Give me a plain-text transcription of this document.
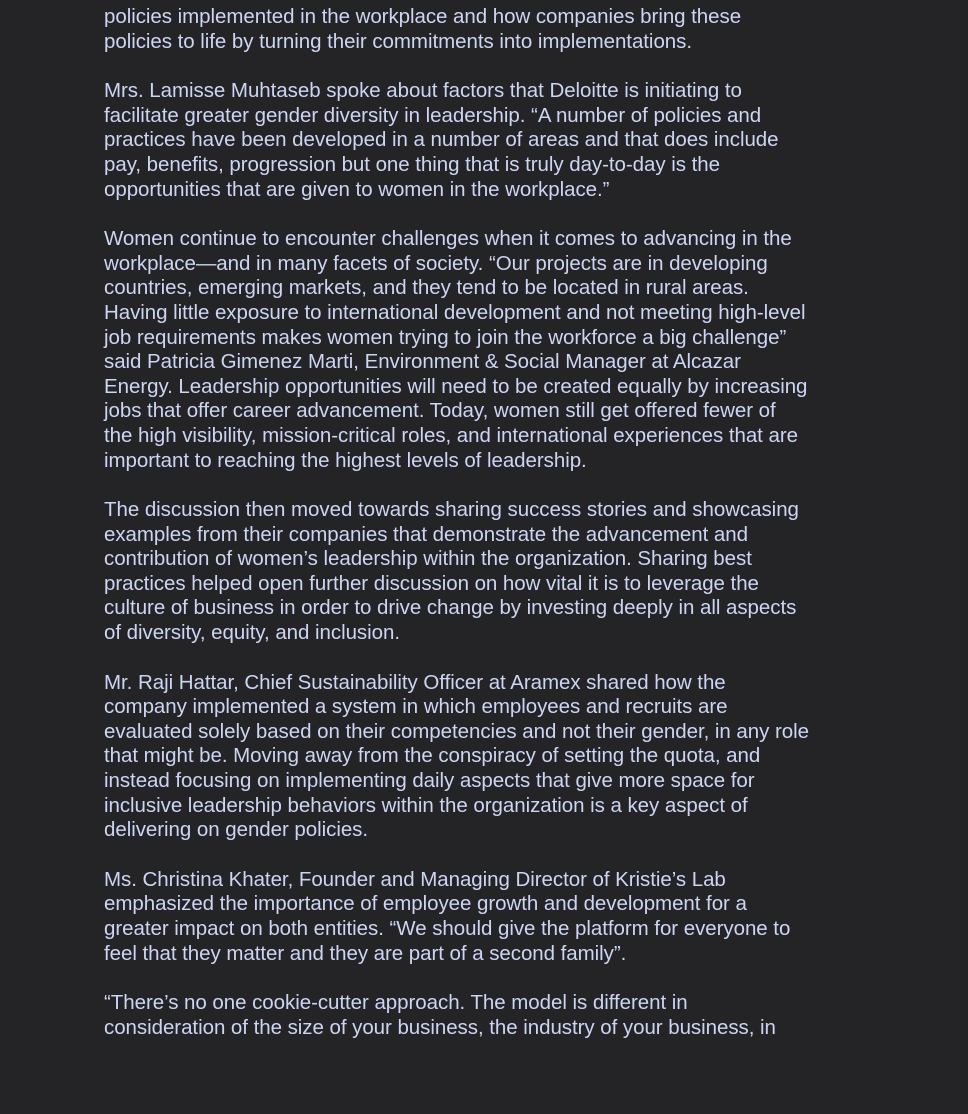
policies implemented in the workplace and how companies bring these
policies to life by turning their commitments into implementations.

Mrs. Lamisse Muhtaseb spoke about factors that Deloitte is initiating to
facilitate greater gender diversity in leadership. “A number of policies and
practices have been developed in a number of areas and that does include
pay, benefits, progression but one thing that is truly day-to-day is the
opportunities that are given to women in the workplace.”

Women continue to encounter challenges when it comes to advancing in the
workplace—and in many facets of society. “Our projects are in developing
countries, emerging markets, and they tend to be located in rural areas.
Having little exposure to international development and not meeting high-level
job requirements makes women trying to join the workforce a big challenge”
said Patricia Gimenez Marti, Environment & Social Manager at Alcazar
Energy. Leadership opportunities will need to be created equally by increasing
jobs that offer career advancement. Today, women still get offered fewer of
the high visibility, mission-critical roles, and international experiences that are
important to reaching the highest levels of leadership.

The discussion then moved towards sharing success stories and showcasing
examples from their companies that demonstrate the advancement and
contribution of women’s leadership within the organization. Sharing best
practices helped open further discussion on how vital it is to leverage the
culture of business in order to drive change by investing deeply in all aspects
of diversity, equity, and inclusion.

Mr. Raji Hattar, Chief Sustainability Officer at Aramex shared how the
company implemented a system in which employees and recruits are
evaluated solely based on their competencies and not their gender, in any role
that might be. Moving away from the conspiracy of setting the quota, and
instead focusing on implementing daily aspects that give more space for
inclusive leadership behaviors within the organization is a key aspect of
delivering on gender policies.

Ms. Christina Khater, Founder and Managing Director of Kristie’s Lab
emphasized the importance of employee growth and development for a
greater impact on both entities. “We should give the platform for everyone to
feel that they matter and they are part of a second family”.

“There’s no one cookie-cutter approach. The model is different in
consideration of the size of your business, the industry of your business, in
